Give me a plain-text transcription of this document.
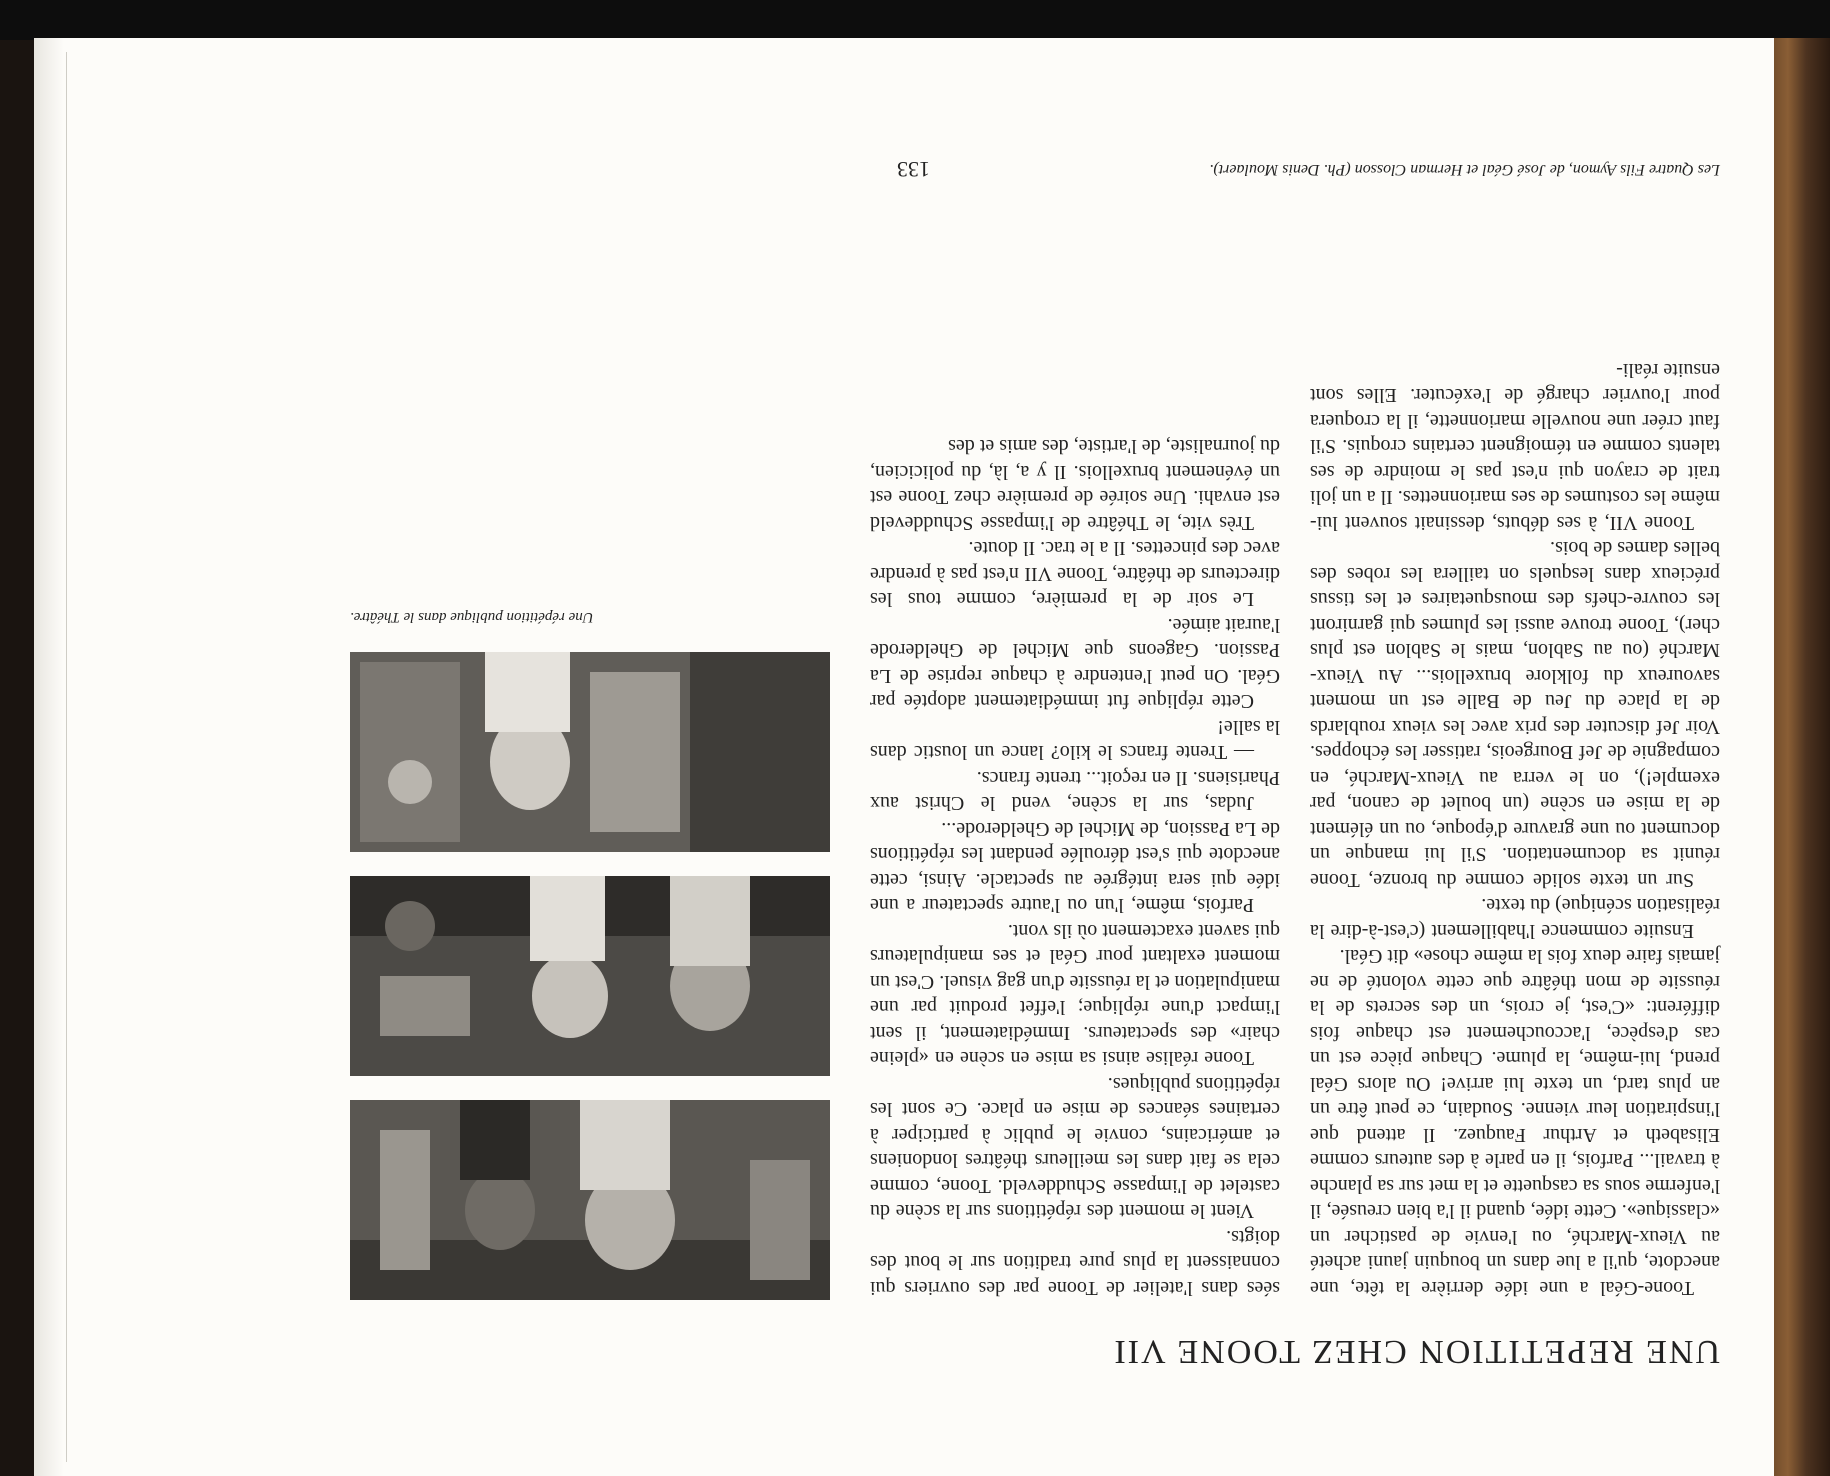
UNE REPETITION CHEZ TOONE VII

Toone-Géal a une idée derrière la tête, une anecdote, qu'il a lue dans un bouquin jauni acheté au Vieux-Marché, ou l'envie de pasticher un «classique». Cette idée, quand il l'a bien creusée, il l'enferme sous sa casquette et la met sur sa planche à travail... Parfois, il en parle à des auteurs comme Elisabeth et Arthur Fauquez. Il attend que l'inspiration leur vienne. Soudain, ce peut être un an plus tard, un texte lui arrive! Ou alors Géal prend, lui-même, la plume. Chaque pièce est un cas d'espèce, l'accouchement est chaque fois différent: «C'est, je crois, un des secrets de la réussite de mon théâtre que cette volonté de ne jamais faire deux fois la même chose» dit Géal.

Ensuite commence l'habillement (c'est-à-dire la réalisation scénique) du texte.

Sur un texte solide comme du bronze, Toone réunit sa documentation. S'il lui manque un document ou une gravure d'époque, ou un élément de la mise en scène (un boulet de canon, par exemple!), on le verra au Vieux-Marché, en compagnie de Jef Bourgeois, ratisser les échoppes. Voir Jef discuter des prix avec les vieux roublards de la place du Jeu de Balle est un moment savoureux du folklore bruxellois... Au Vieux-Marché (ou au Sablon, mais le Sablon est plus cher), Toone trouve aussi les plumes qui garniront les couvre-chefs des mousquetaires et les tissus précieux dans lesquels on taillera les robes des belles dames de bois.

Toone VII, à ses débuts, dessinait souvent lui-même les costumes de ses marionnettes. Il a un joli trait de crayon qui n'est pas le moindre de ses talents comme en témoignent certains croquis. S'il faut créer une nouvelle marionnette, il la croquera pour l'ouvrier chargé de l'exécuter. Elles sont ensuite réali-

sées dans l'atelier de Toone par des ouvriers qui connaissent la plus pure tradition sur le bout des doigts.

Vient le moment des répétitions sur la scène du castelet de l'impasse Schuddeveld. Toone, comme cela se fait dans les meilleurs théâtres londoniens et américains, convie le public à participer à certaines séances de mise en place. Ce sont les répétitions publiques.

Toone réalise ainsi sa mise en scène en «pleine chair» des spectateurs. Immédiatement, il sent l'impact d'une réplique; l'effet produit par une manipulation et la réussite d'un gag visuel. C'est un moment exaltant pour Géal et ses manipulateurs qui savent exactement où ils vont.

Parfois, même, l'un ou l'autre spectateur a une idée qui sera intégrée au spectacle. Ainsi, cette anecdote qui s'est déroulée pendant les répétitions de La Passion, de Michel de Ghelderode...

Judas, sur la scène, vend le Christ aux Pharisiens. Il en reçoit... trente francs.

— Trente francs le kilo? lance un loustic dans la salle!

Cette réplique fut immédiatement adoptée par Géal. On peut l'entendre à chaque reprise de La Passion. Gageons que Michel de Ghelderode l'aurait aimée.

Le soir de la première, comme tous les directeurs de théâtre, Toone VII n'est pas à prendre avec des pincettes. Il a le trac. Il doute.

Très vite, le Théâtre de l'impasse Schuddeveld est envahi. Une soirée de première chez Toone est un événement bruxellois. Il y a, là, du policicien, du journaliste, de l'artiste, des amis et des

Une répétition publique dans le Théâtre.
Les Quatre Fils Aymon, de José Géal et Herman Closson (Ph. Denis Moulaert).
133
